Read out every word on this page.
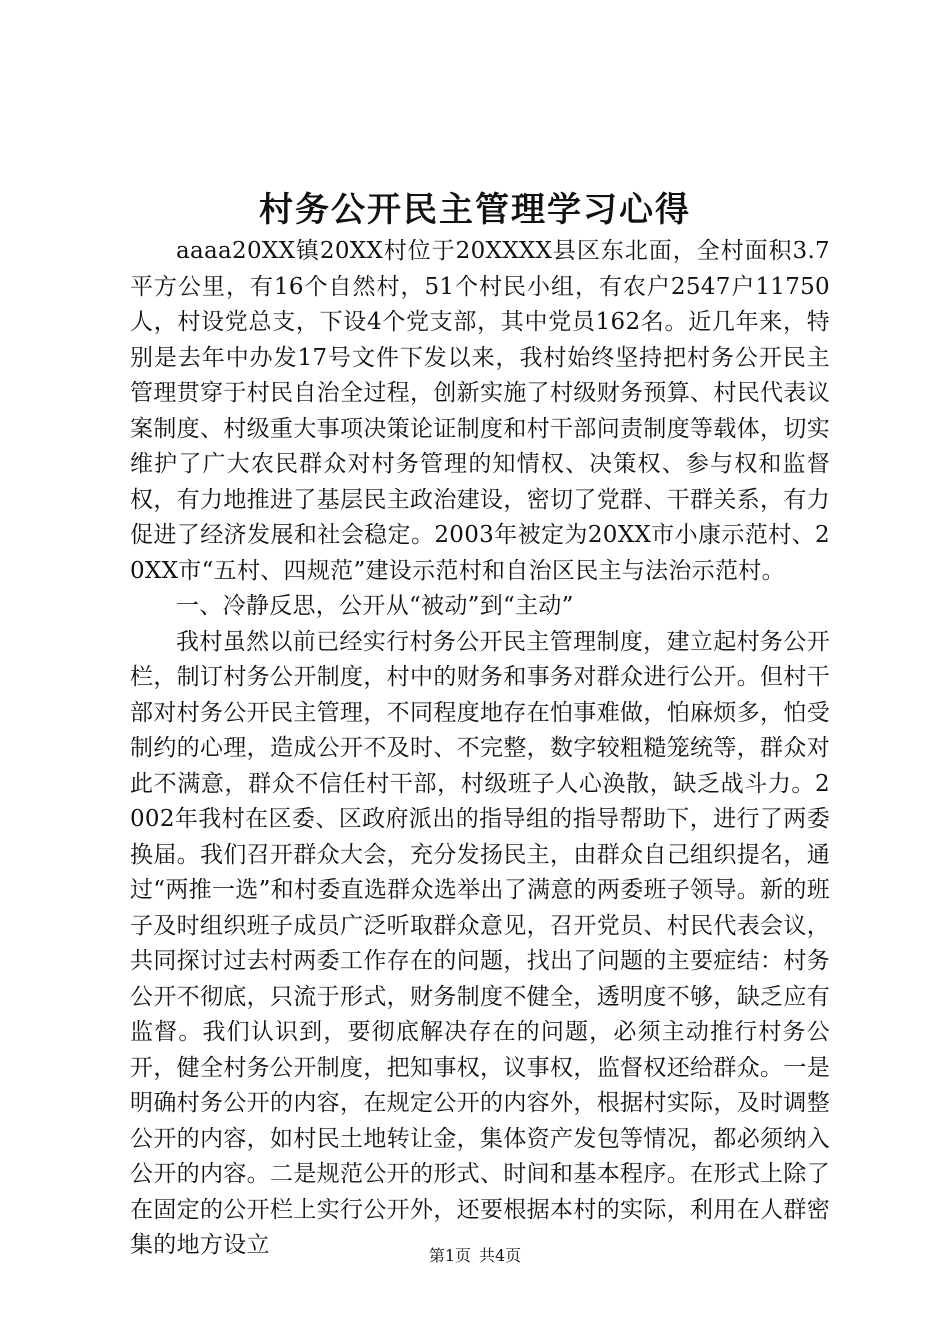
村务公开民主管理学习心得

aaaa20XX镇20XX村位于20XXXX县区东北面，全村面积3.7平方公里，有16个自然村，51个村民小组，有农户2547户11750人，村设党总支，下设4个党支部，其中党员162名。近几年来，特别是去年中办发17号文件下发以来，我村始终坚持把村务公开民主管理贯穿于村民自治全过程，创新实施了村级财务预算、村民代表议案制度、村级重大事项决策论证制度和村干部问责制度等载体，切实维护了广大农民群众对村务管理的知情权、决策权、参与权和监督权，有力地推进了基层民主政治建设，密切了党群、干群关系，有力促进了经济发展和社会稳定。2003年被定为20XX市小康示范村、20XX市“五村、四规范”建设示范村和自治区民主与法治示范村。

一、冷静反思，公开从“被动”到“主动”

我村虽然以前已经实行村务公开民主管理制度，建立起村务公开栏，制订村务公开制度，村中的财务和事务对群众进行公开。但村干部对村务公开民主管理，不同程度地存在怕事难做，怕麻烦多，怕受制约的心理，造成公开不及时、不完整，数字较粗糙笼统等，群众对此不满意，群众不信任村干部，村级班子人心涣散，缺乏战斗力。2002年我村在区委、区政府派出的指导组的指导帮助下，进行了两委换届。我们召开群众大会，充分发扬民主，由群众自己组织提名，通过“两推一选”和村委直选群众选举出了满意的两委班子领导。新的班子及时组织班子成员广泛听取群众意见，召开党员、村民代表会议，共同探讨过去村两委工作存在的问题，找出了问题的主要症结：村务公开不彻底，只流于形式，财务制度不健全，透明度不够，缺乏应有监督。我们认识到，要彻底解决存在的问题，必须主动推行村务公开，健全村务公开制度，把知事权，议事权，监督权还给群众。一是明确村务公开的内容，在规定公开的内容外，根据村实际，及时调整公开的内容，如村民土地转让金，集体资产发包等情况，都必须纳入公开的内容。二是规范公开的形式、时间和基本程序。在形式上除了在固定的公开栏上实行公开外，还要根据本村的实际，利用在人群密集的地方设立	第1页 共4页
